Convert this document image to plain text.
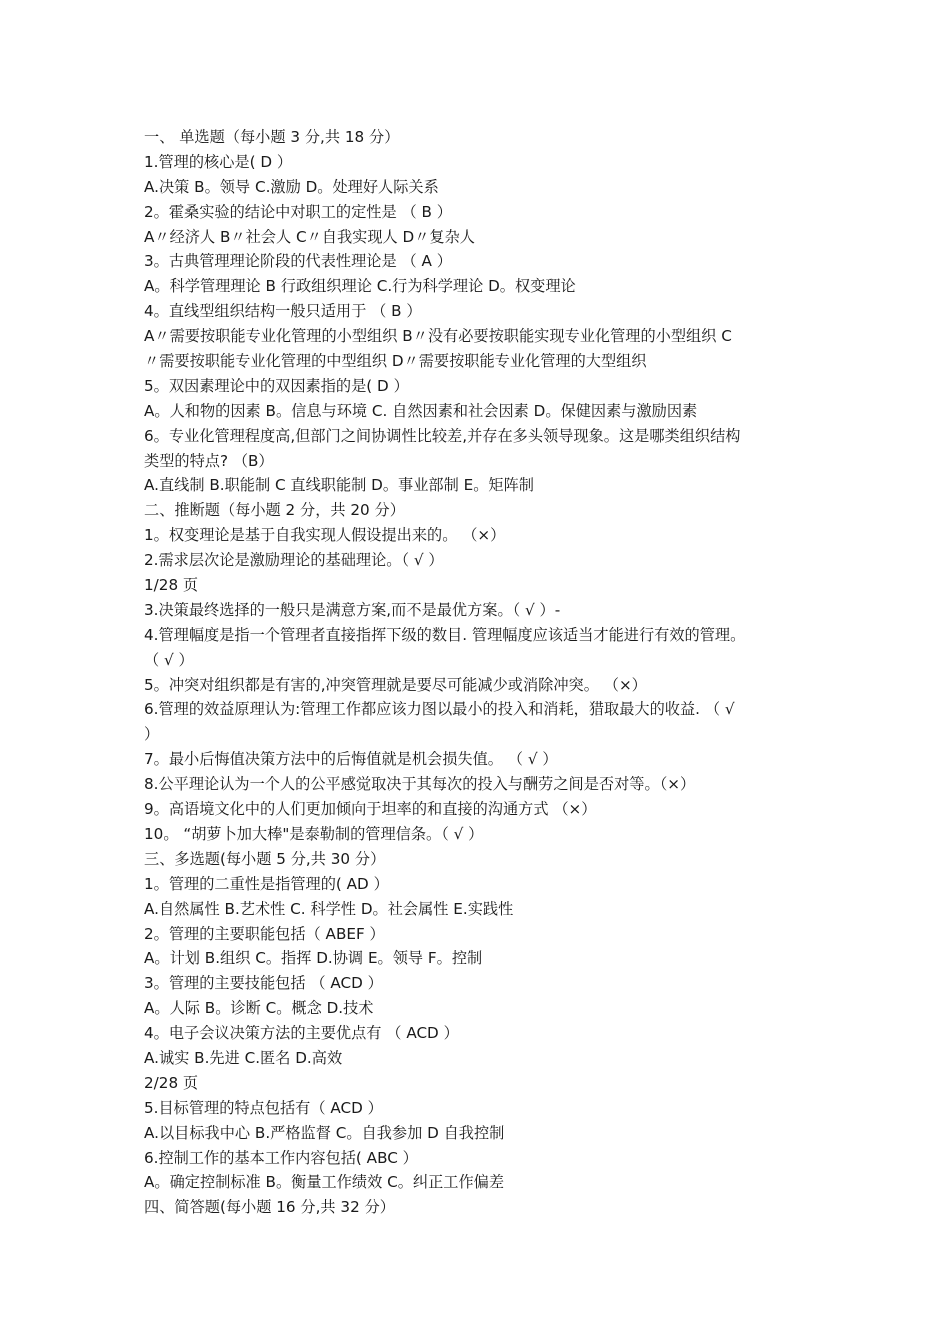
一、 单选题（每小题 3 分,共 18 分）
1.管理的核心是( D ）
A.决策 B。领导 C.激励 D。处理好人际关系
2。霍桑实验的结论中对职工的定性是 （ B ）
A〃经济人 B〃社会人 C〃自我实现人 D〃复杂人
3。古典管理理论阶段的代表性理论是 （ A ）
A。科学管理理论 B 行政组织理论 C.行为科学理论 D。权变理论
4。直线型组织结构一般只适用于 （ B ）
A〃需要按职能专业化管理的小型组织 B〃没有必要按职能实现专业化管理的小型组织 C
〃需要按职能专业化管理的中型组织 D〃需要按职能专业化管理的大型组织
5。双因素理论中的双因素指的是( D ）
A。人和物的因素 B。信息与环境 C. 自然因素和社会因素 D。保健因素与激励因素
6。专业化管理程度高,但部门之间协调性比较差,并存在多头领导现象。这是哪类组织结构
类型的特点? （B）
A.直线制 B.职能制 C 直线职能制 D。事业部制 E。矩阵制
二、推断题（每小题 2 分，共 20 分）
1。权变理论是基于自我实现人假设提出来的。 （×）
2.需求层次论是激励理论的基础理论。（ √ ）
1/28 页
3.决策最终选择的一般只是满意方案,而不是最优方案。（ √ ）-
4.管理幅度是指一个管理者直接指挥下级的数目. 管理幅度应该适当才能进行有效的管理。
（ √ ）
5。冲突对组织都是有害的,冲突管理就是要尽可能减少或消除冲突。 （×）
6.管理的效益原理认为:管理工作都应该力图以最小的投入和消耗，猎取最大的收益. （ √
）
7。最小后悔值决策方法中的后悔值就是机会损失值。 （ √ ）
8.公平理论认为一个人的公平感觉取决于其每次的投入与酬劳之间是否对等。（×）
9。高语境文化中的人们更加倾向于坦率的和直接的沟通方式 （×）
10。 “胡萝卜加大棒"是泰勒制的管理信条。（ √ ）
三、多选题(每小题 5 分,共 30 分）
1。管理的二重性是指管理的( AD ）
A.自然属性 B.艺术性 C. 科学性 D。社会属性 E.实践性
2。管理的主要职能包括（ ABEF ）
A。计划 B.组织 C。指挥 D.协调 E。领导 F。控制
3。管理的主要技能包括 （ ACD ）
A。人际 B。诊断 C。概念 D.技术
4。电子会议决策方法的主要优点有 （ ACD ）
A.诚实 B.先进 C.匿名 D.高效
2/28 页
5.目标管理的特点包括有（ ACD ）
A.以目标我中心 B.严格监督 C。自我参加 D 自我控制
6.控制工作的基本工作内容包括( ABC ）
A。确定控制标准 B。衡量工作绩效 C。纠正工作偏差
四、简答题(每小题 16 分,共 32 分）
